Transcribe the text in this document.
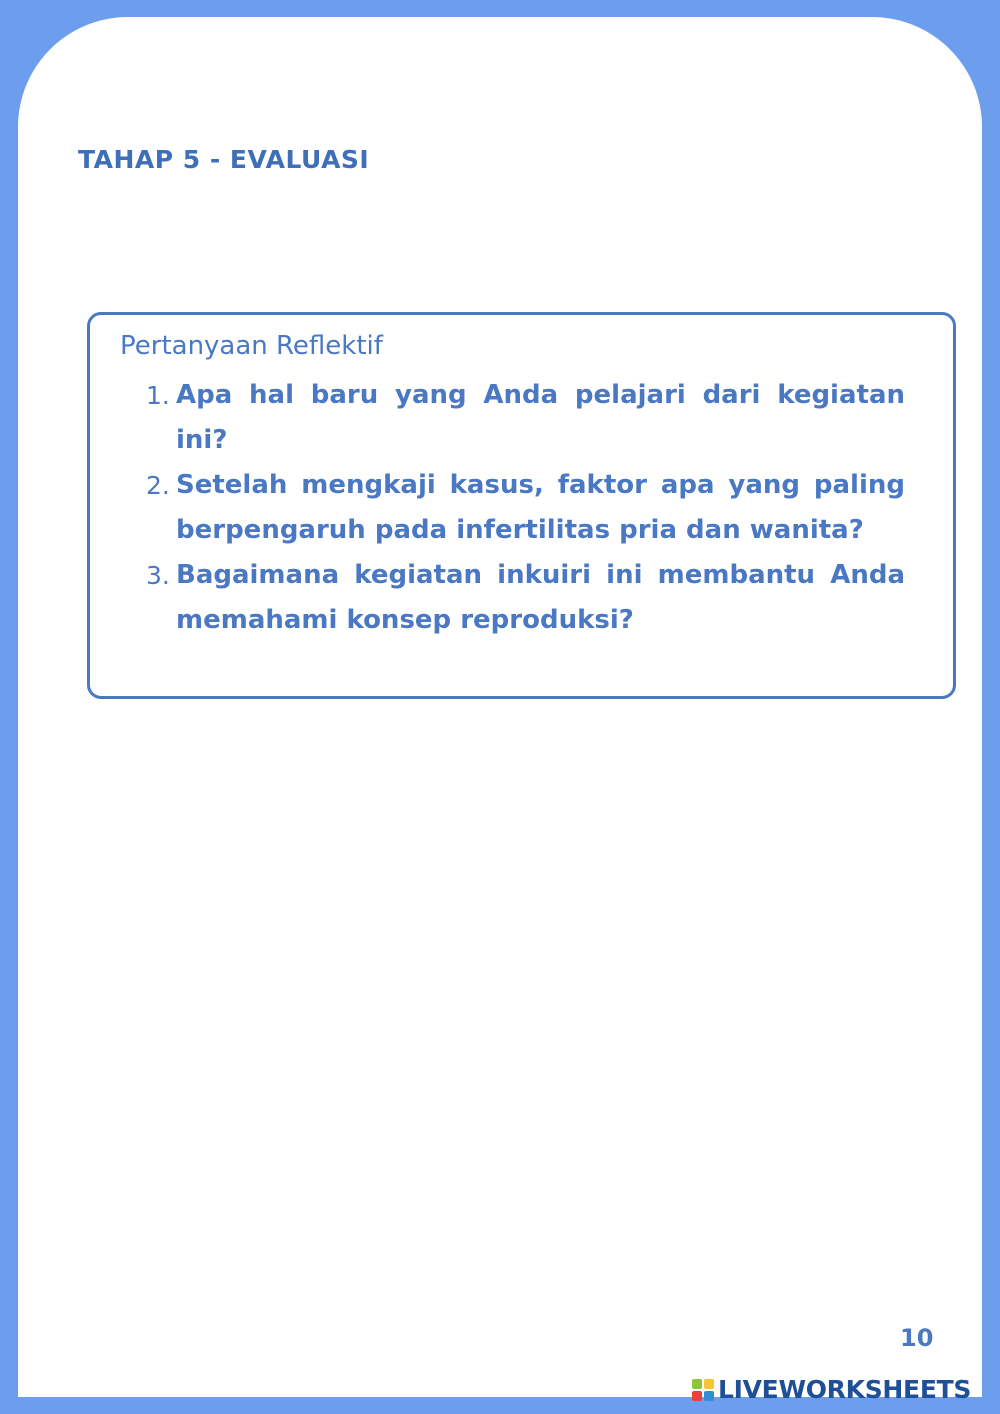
TAHAP 5 - EVALUASI
Pertanyaan Reflektif
1. Apa hal baru yang Anda pelajari dari kegiatan ini?
2. Setelah mengkaji kasus, faktor apa yang paling berpengaruh pada infertilitas pria dan wanita?
3. Bagaimana kegiatan inkuiri ini membantu Anda memahami konsep reproduksi?
10
LIVEWORKSHEETS
